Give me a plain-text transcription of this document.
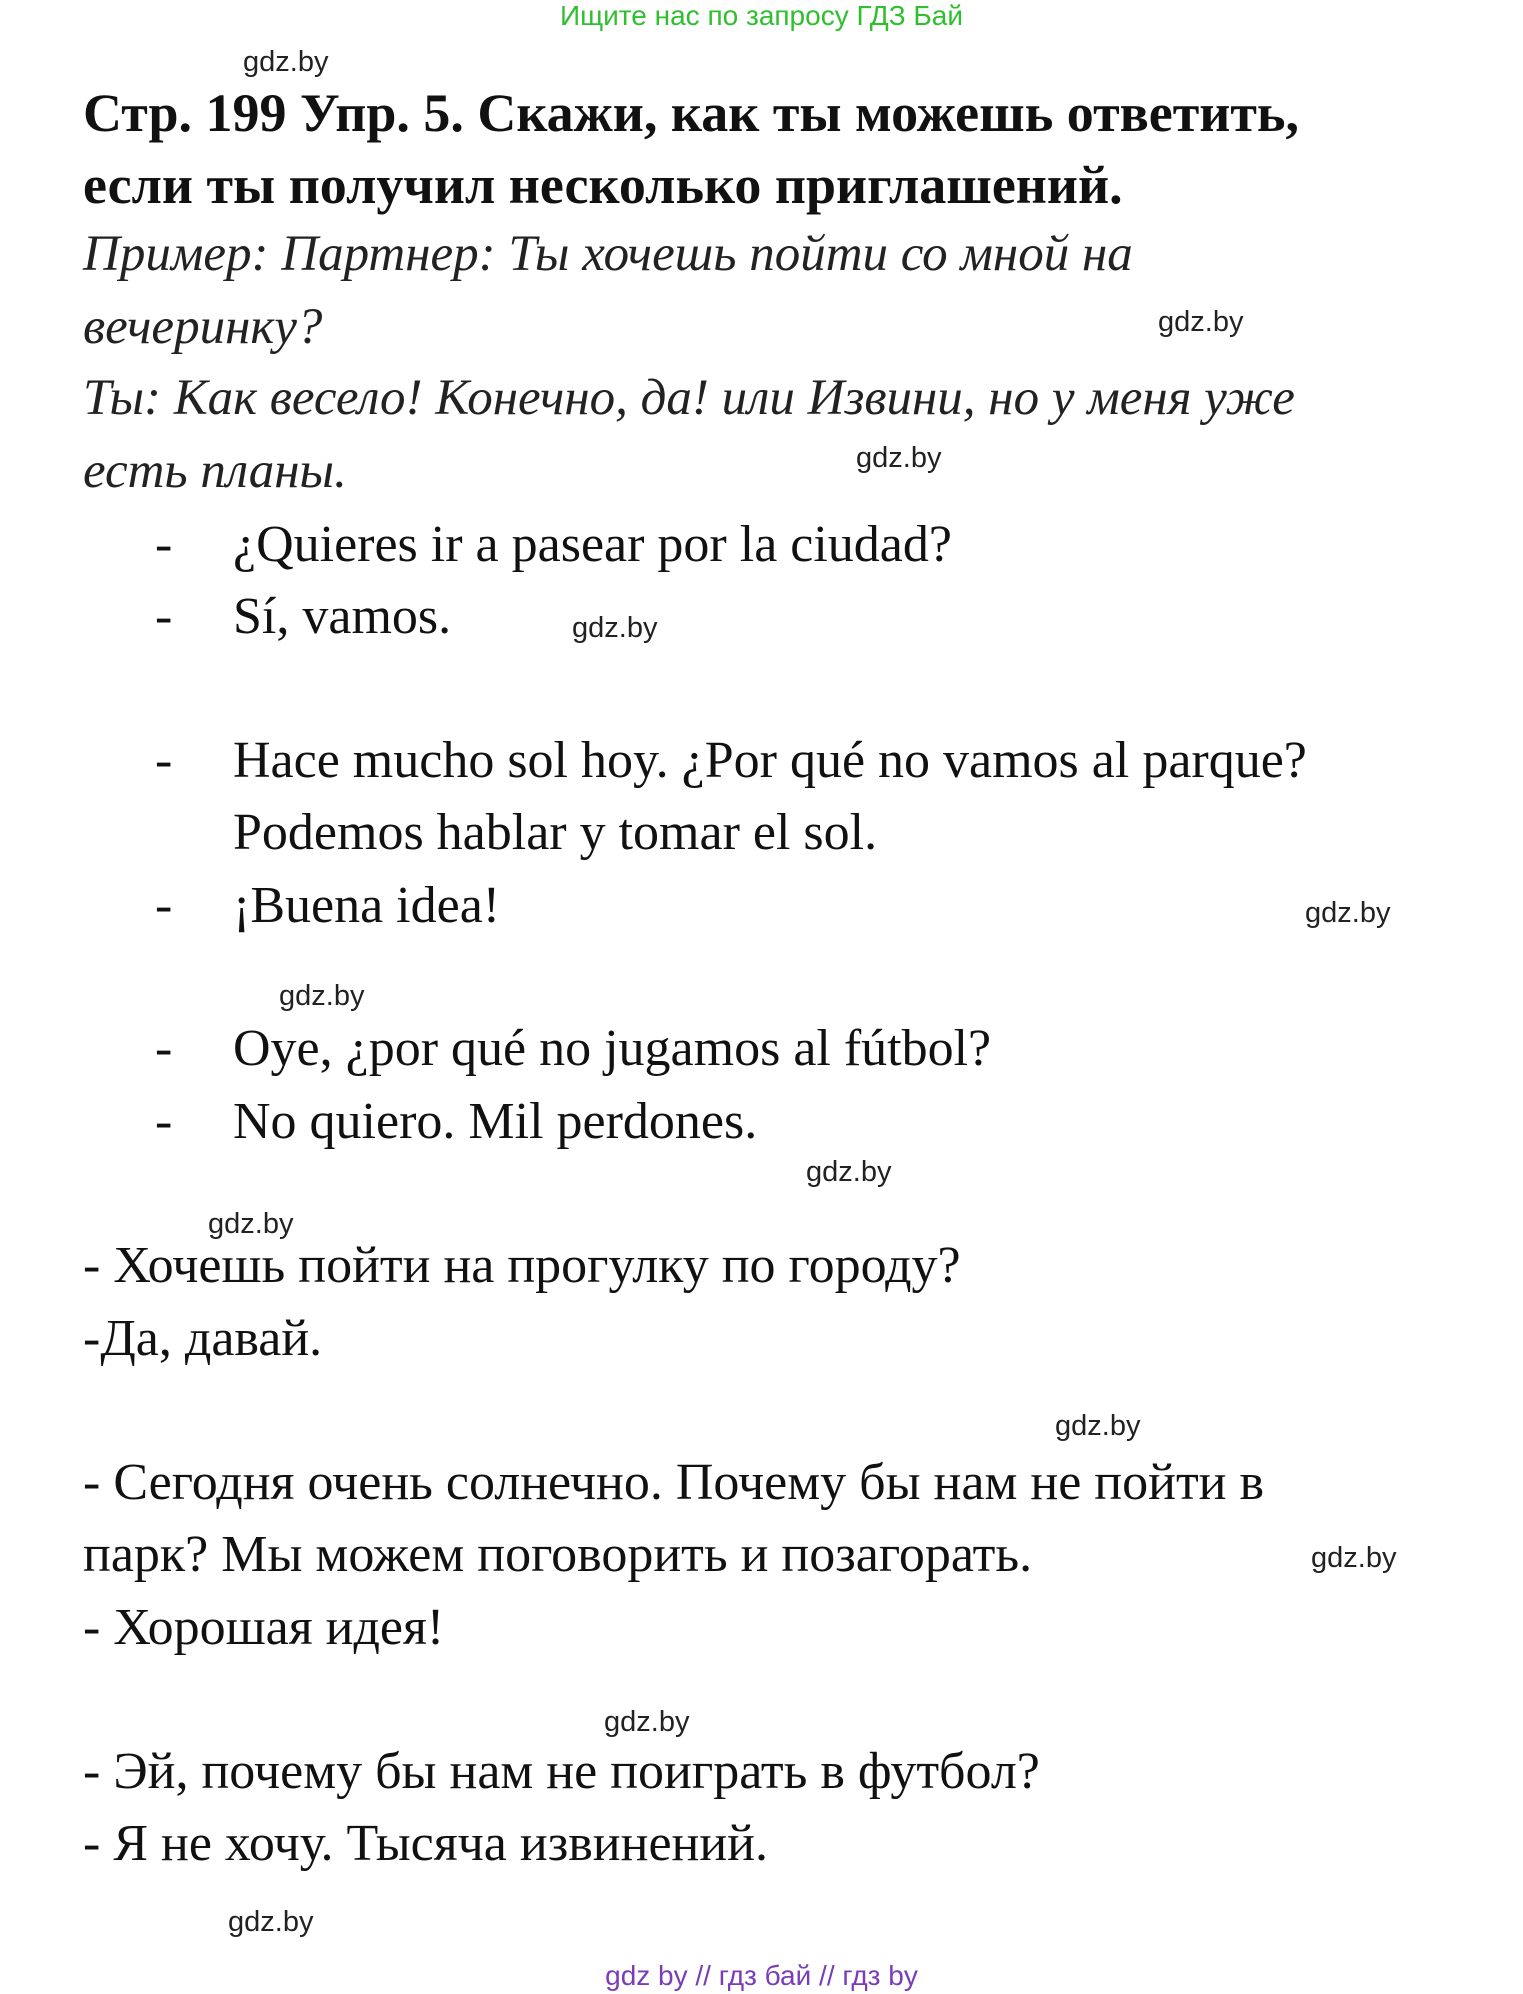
Ищите нас по запросу ГДЗ Бай
gdz.by
gdz.by
gdz.by
gdz.by
gdz.by
gdz.by
gdz.by
gdz.by
gdz.by
gdz.by
gdz.by
gdz.by
Стр. 199 Упр. 5. Скажи, как ты можешь ответить,
если ты получил несколько приглашений.
Пример: Партнер: Ты хочешь пойти со мной на
вечеринку?
Ты: Как весело! Конечно, да! или Извини, но у меня уже
есть планы.
- ¿Quieres ir a pasear por la ciudad?
- Sí, vamos.
- Hace mucho sol hoy. ¿Por qué no vamos al parque?
Podemos hablar y tomar el sol.
- ¡Buena idea!
- Oye, ¿por qué no jugamos al fútbol?
- No quiero. Mil perdones.
- Хочешь пойти на прогулку по городу?
-Да, давай.
- Сегодня очень солнечно. Почему бы нам не пойти в
парк? Мы можем поговорить и позагорать.
- Хорошая идея!
- Эй, почему бы нам не поиграть в футбол?
- Я не хочу. Тысяча извинений.
gdz by // гдз бай // гдз by
